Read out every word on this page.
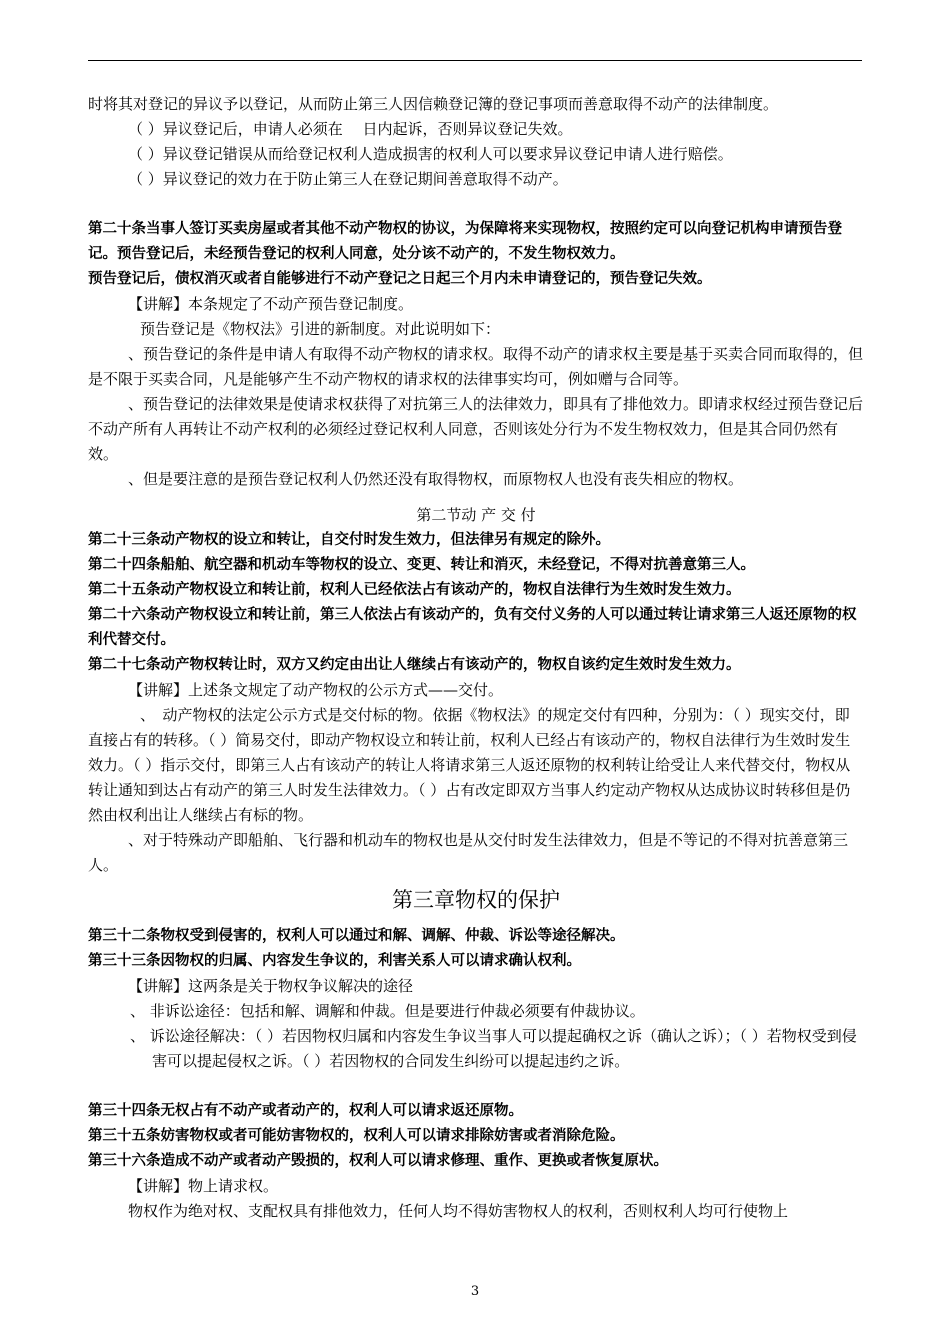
时将其对登记的异议予以登记，从而防止第三人因信赖登记簿的登记事项而善意取得不动产的法律制度。

（ ）异议登记后，申请人必须在　 日内起诉，否则异议登记失效。

（ ）异议登记错误从而给登记权利人造成损害的权利人可以要求异议登记申请人进行赔偿。

（ ）异议登记的效力在于防止第三人在登记期间善意取得不动产。

第二十条当事人签订买卖房屋或者其他不动产物权的协议，为保障将来实现物权，按照约定可以向登记机构申请预告登记。预告登记后，未经预告登记的权利人同意，处分该不动产的，不发生物权效力。

预告登记后，债权消灭或者自能够进行不动产登记之日起三个月内未申请登记的，预告登记失效。

【讲解】本条规定了不动产预告登记制度。

预告登记是《物权法》引进的新制度。对此说明如下：

、预告登记的条件是申请人有取得不动产物权的请求权。取得不动产的请求权主要是基于买卖合同而取得的，但是不限于买卖合同，凡是能够产生不动产物权的请求权的法律事实均可，例如赠与合同等。

、预告登记的法律效果是使请求权获得了对抗第三人的法律效力，即具有了排他效力。即请求权经过预告登记后不动产所有人再转让不动产权利的必须经过登记权利人同意，否则该处分行为不发生物权效力，但是其合同仍然有效。

、但是要注意的是预告登记权利人仍然还没有取得物权，而原物权人也没有丧失相应的物权。

第二节动 产 交 付

第二十三条动产物权的设立和转让，自交付时发生效力，但法律另有规定的除外。

第二十四条船舶、航空器和机动车等物权的设立、变更、转让和消灭，未经登记，不得对抗善意第三人。

第二十五条动产物权设立和转让前，权利人已经依法占有该动产的，物权自法律行为生效时发生效力。

第二十六条动产物权设立和转让前，第三人依法占有该动产的，负有交付义务的人可以通过转让请求第三人返还原物的权利代替交付。

第二十七条动产物权转让时，双方又约定由出让人继续占有该动产的，物权自该约定生效时发生效力。

【讲解】上述条文规定了动产物权的公示方式——交付。

、　动产物权的法定公示方式是交付标的物。依据《物权法》的规定交付有四种，分别为：（ ）现实交付，即直接占有的转移。（ ）简易交付，即动产物权设立和转让前，权利人已经占有该动产的，物权自法律行为生效时发生效力。（ ）指示交付，即第三人占有该动产的转让人将请求第三人返还原物的权利转让给受让人来代替交付，物权从转让通知到达占有动产的第三人时发生法律效力。（ ）占有改定即双方当事人约定动产物权从达成协议时转移但是仍然由权利出让人继续占有标的物。

、对于特殊动产即船舶、飞行器和机动车的物权也是从交付时发生法律效力，但是不等记的不得对抗善意第三人。

第三章物权的保护

第三十二条物权受到侵害的，权利人可以通过和解、调解、仲裁、诉讼等途径解决。

第三十三条因物权的归属、内容发生争议的，利害关系人可以请求确认权利。

【讲解】这两条是关于物权争议解决的途径

、 非诉讼途径：包括和解、调解和仲裁。但是要进行仲裁必须要有仲裁协议。

、 诉讼途径解决：（ ）若因物权归属和内容发生争议当事人可以提起确权之诉（确认之诉）；（ ）若物权受到侵害可以提起侵权之诉。（ ）若因物权的合同发生纠纷可以提起违约之诉。

第三十四条无权占有不动产或者动产的，权利人可以请求返还原物。

第三十五条妨害物权或者可能妨害物权的，权利人可以请求排除妨害或者消除危险。

第三十六条造成不动产或者动产毁损的，权利人可以请求修理、重作、更换或者恢复原状。

【讲解】物上请求权。

物权作为绝对权、支配权具有排他效力，任何人均不得妨害物权人的权利，否则权利人均可行使物上

3
